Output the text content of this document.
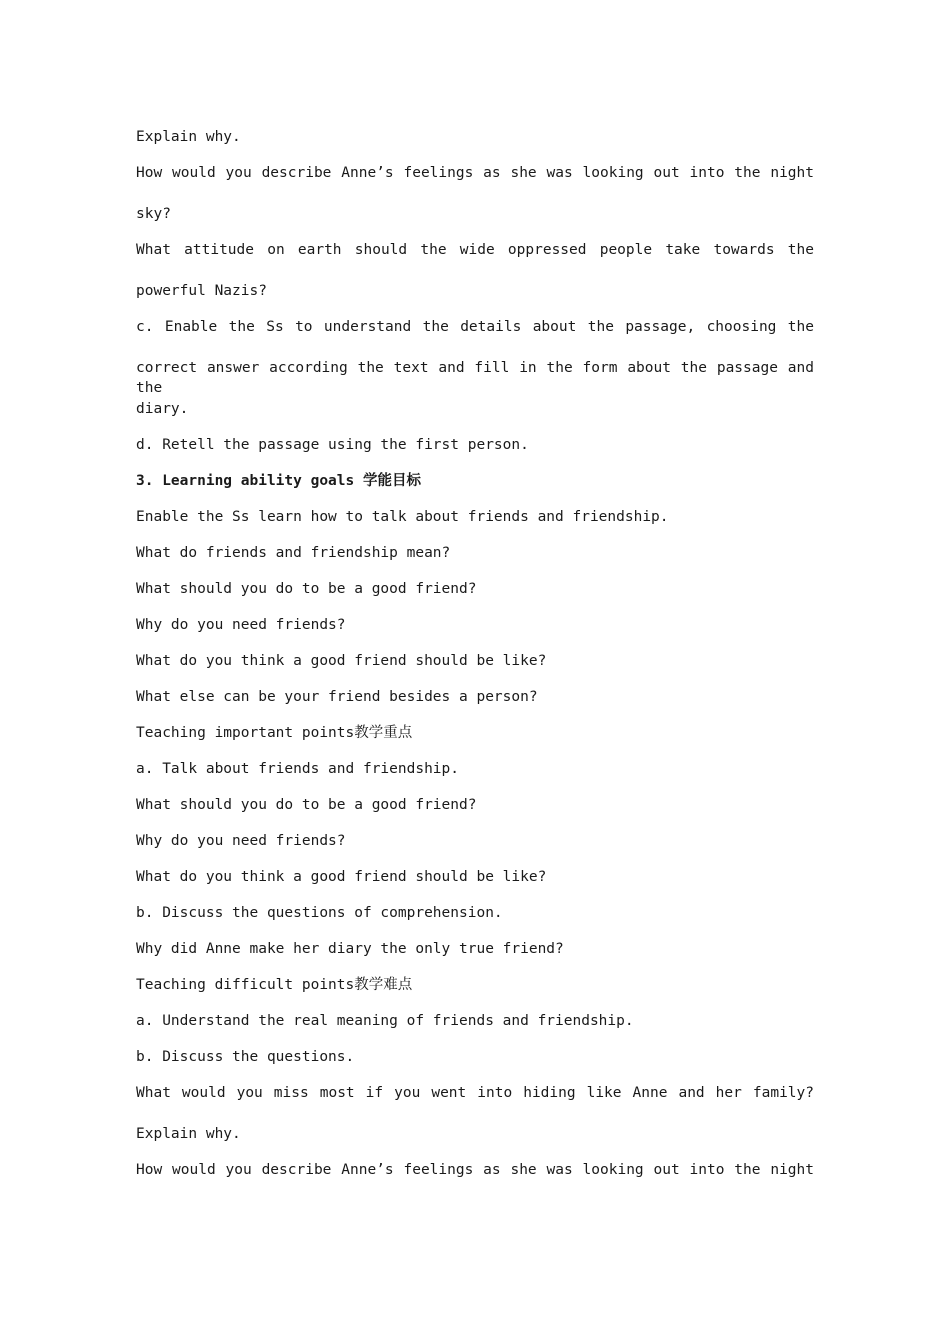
Explain why.
How would you describe Anne’s feelings as she was looking out into the night
sky?
What attitude on earth should the wide oppressed people take towards the
powerful Nazis?
c. Enable the Ss to understand the details about the passage, choosing the
correct answer according the text and fill in the form about the passage and the
diary.
d. Retell the passage using the first person.
3. Learning ability goals 学能目标
Enable the Ss learn how to talk about friends and friendship.
What do friends and friendship mean?
What should you do to be a good friend?
Why do you need friends?
What do you think a good friend should be like?
What else can be your friend besides a person?
Teaching important points教学重点
a. Talk about friends and friendship.
What should you do to be a good friend?
Why do you need friends?
What do you think a good friend should be like?
b. Discuss the questions of comprehension.
Why did Anne make her diary the only true friend?
Teaching difficult points教学难点
a. Understand the real meaning of friends and friendship.
b. Discuss the questions.
What would you miss most if you went into hiding like Anne and her family?
Explain why.
How would you describe Anne’s feelings as she was looking out into the night
